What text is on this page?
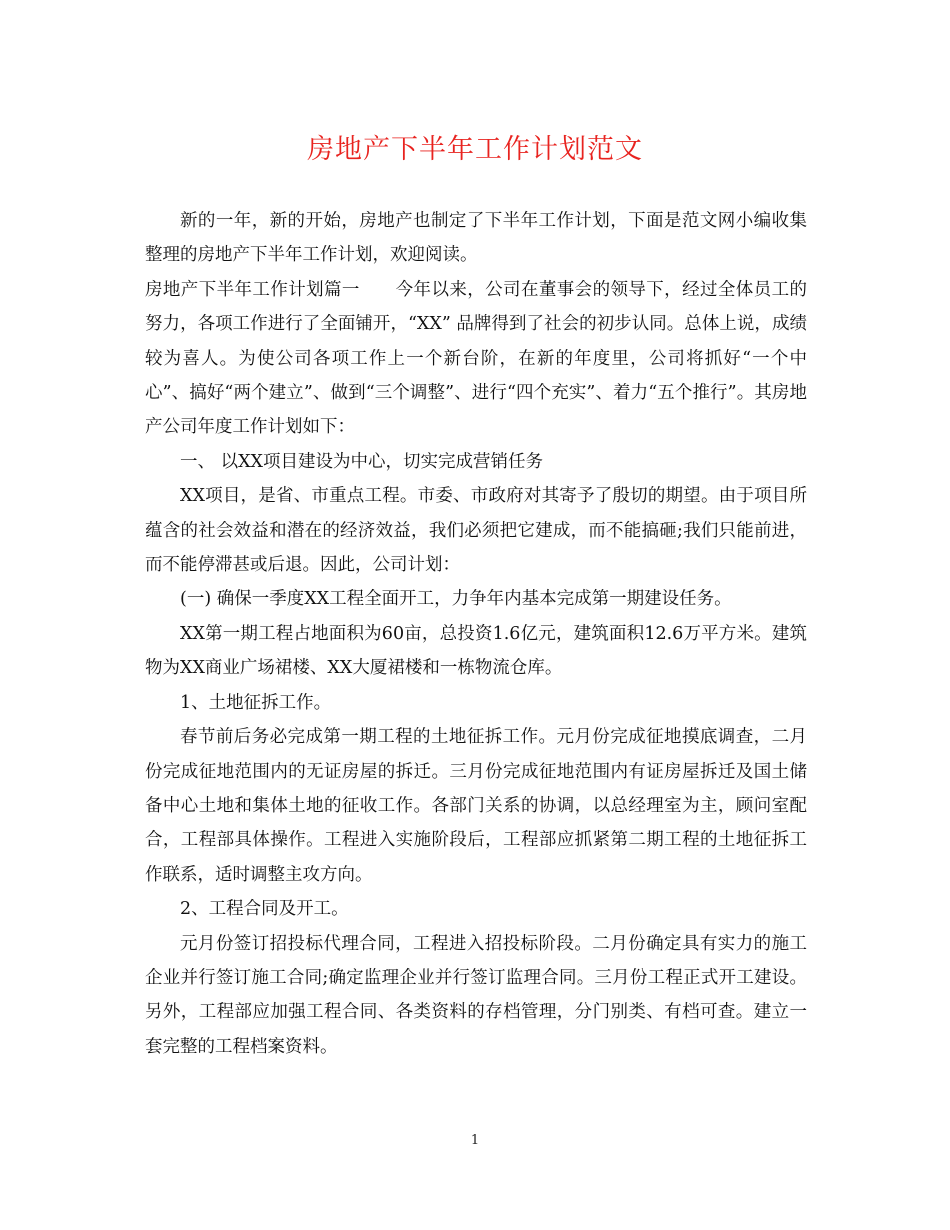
房地产下半年工作计划范文

新的一年，新的开始，房地产也制定了下半年工作计划，下面是范文网小编收集整理的房地产下半年工作计划，欢迎阅读。

房地产下半年工作计划篇一　　今年以来，公司在董事会的领导下，经过全体员工的努力，各项工作进行了全面铺开，“XX” 品牌得到了社会的初步认同。总体上说，成绩较为喜人。为使公司各项工作上一个新台阶，在新的年度里，公司将抓好“一个中心”、搞好“两个建立”、做到“三个调整”、进行“四个充实”、着力“五个推行”。其房地产公司年度工作计划如下：

一、 以XX项目建设为中心，切实完成营销任务

XX项目，是省、市重点工程。市委、市政府对其寄予了殷切的期望。由于项目所蕴含的社会效益和潜在的经济效益，我们必须把它建成，而不能搞砸;我们只能前进，而不能停滞甚或后退。因此，公司计划：

(一) 确保一季度XX工程全面开工，力争年内基本完成第一期建设任务。

XX第一期工程占地面积为60亩，总投资1.6亿元，建筑面积12.6万平方米。建筑物为XX商业广场裙楼、XX大厦裙楼和一栋物流仓库。

1、土地征拆工作。

春节前后务必完成第一期工程的土地征拆工作。元月份完成征地摸底调查，二月份完成征地范围内的无证房屋的拆迁。三月份完成征地范围内有证房屋拆迁及国土储备中心土地和集体土地的征收工作。各部门关系的协调，以总经理室为主，顾问室配合，工程部具体操作。工程进入实施阶段后，工程部应抓紧第二期工程的土地征拆工作联系，适时调整主攻方向。

2、工程合同及开工。

元月份签订招投标代理合同，工程进入招投标阶段。二月份确定具有实力的施工企业并行签订施工合同;确定监理企业并行签订监理合同。三月份工程正式开工建设。另外，工程部应加强工程合同、各类资料的存档管理，分门别类、有档可查。建立一套完整的工程档案资料。

1
